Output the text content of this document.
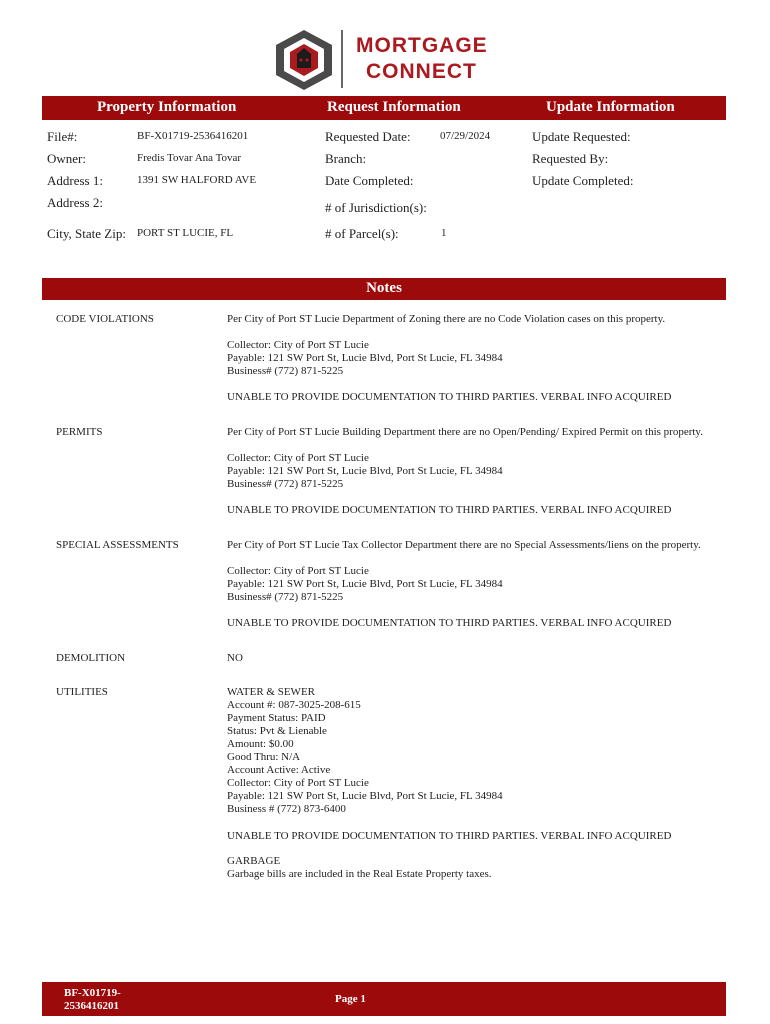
MORTGAGE
CONNECT
Property Information	Request Information	Update Information
File#:	BF-X01719-2536416201
Owner:	Fredis Tovar Ana Tovar
Address 1:	1391 SW HALFORD AVE
Address 2:
City, State Zip: PORT ST LUCIE, FL
Requested Date:	07/29/2024
Branch:
Date Completed:
# of Jurisdiction(s):
# of Parcel(s):	1
Update Requested:
Requested By:
Update Completed:
Notes
CODE VIOLATIONS	Per City of Port ST Lucie Department of Zoning there are no Code Violation cases on this property.
Collector: City of Port ST Lucie
Payable: 121 SW Port St, Lucie Blvd, Port St Lucie, FL 34984
Business# (772) 871-5225
UNABLE TO PROVIDE DOCUMENTATION TO THIRD PARTIES. VERBAL INFO ACQUIRED
PERMITS	Per City of Port ST Lucie Building Department there are no Open/Pending/ Expired Permit on this property.
Collector: City of Port ST Lucie
Payable: 121 SW Port St, Lucie Blvd, Port St Lucie, FL 34984
Business# (772) 871-5225
UNABLE TO PROVIDE DOCUMENTATION TO THIRD PARTIES. VERBAL INFO ACQUIRED
SPECIAL ASSESSMENTS	Per City of Port ST Lucie Tax Collector Department there are no Special Assessments/liens on the property.
Collector: City of Port ST Lucie
Payable: 121 SW Port St, Lucie Blvd, Port St Lucie, FL 34984
Business# (772) 871-5225
UNABLE TO PROVIDE DOCUMENTATION TO THIRD PARTIES. VERBAL INFO ACQUIRED
DEMOLITION	NO
UTILITIES	WATER & SEWER
Account #: 087-3025-208-615
Payment Status: PAID
Status: Pvt & Lienable
Amount: $0.00
Good Thru: N/A
Account Active: Active
Collector: City of Port ST Lucie
Payable: 121 SW Port St, Lucie Blvd, Port St Lucie, FL 34984
Business # (772) 873-6400
UNABLE TO PROVIDE DOCUMENTATION TO THIRD PARTIES. VERBAL INFO ACQUIRED
GARBAGE
Garbage bills are included in the Real Estate Property taxes.
BF-X01719-
2536416201
Page 1
